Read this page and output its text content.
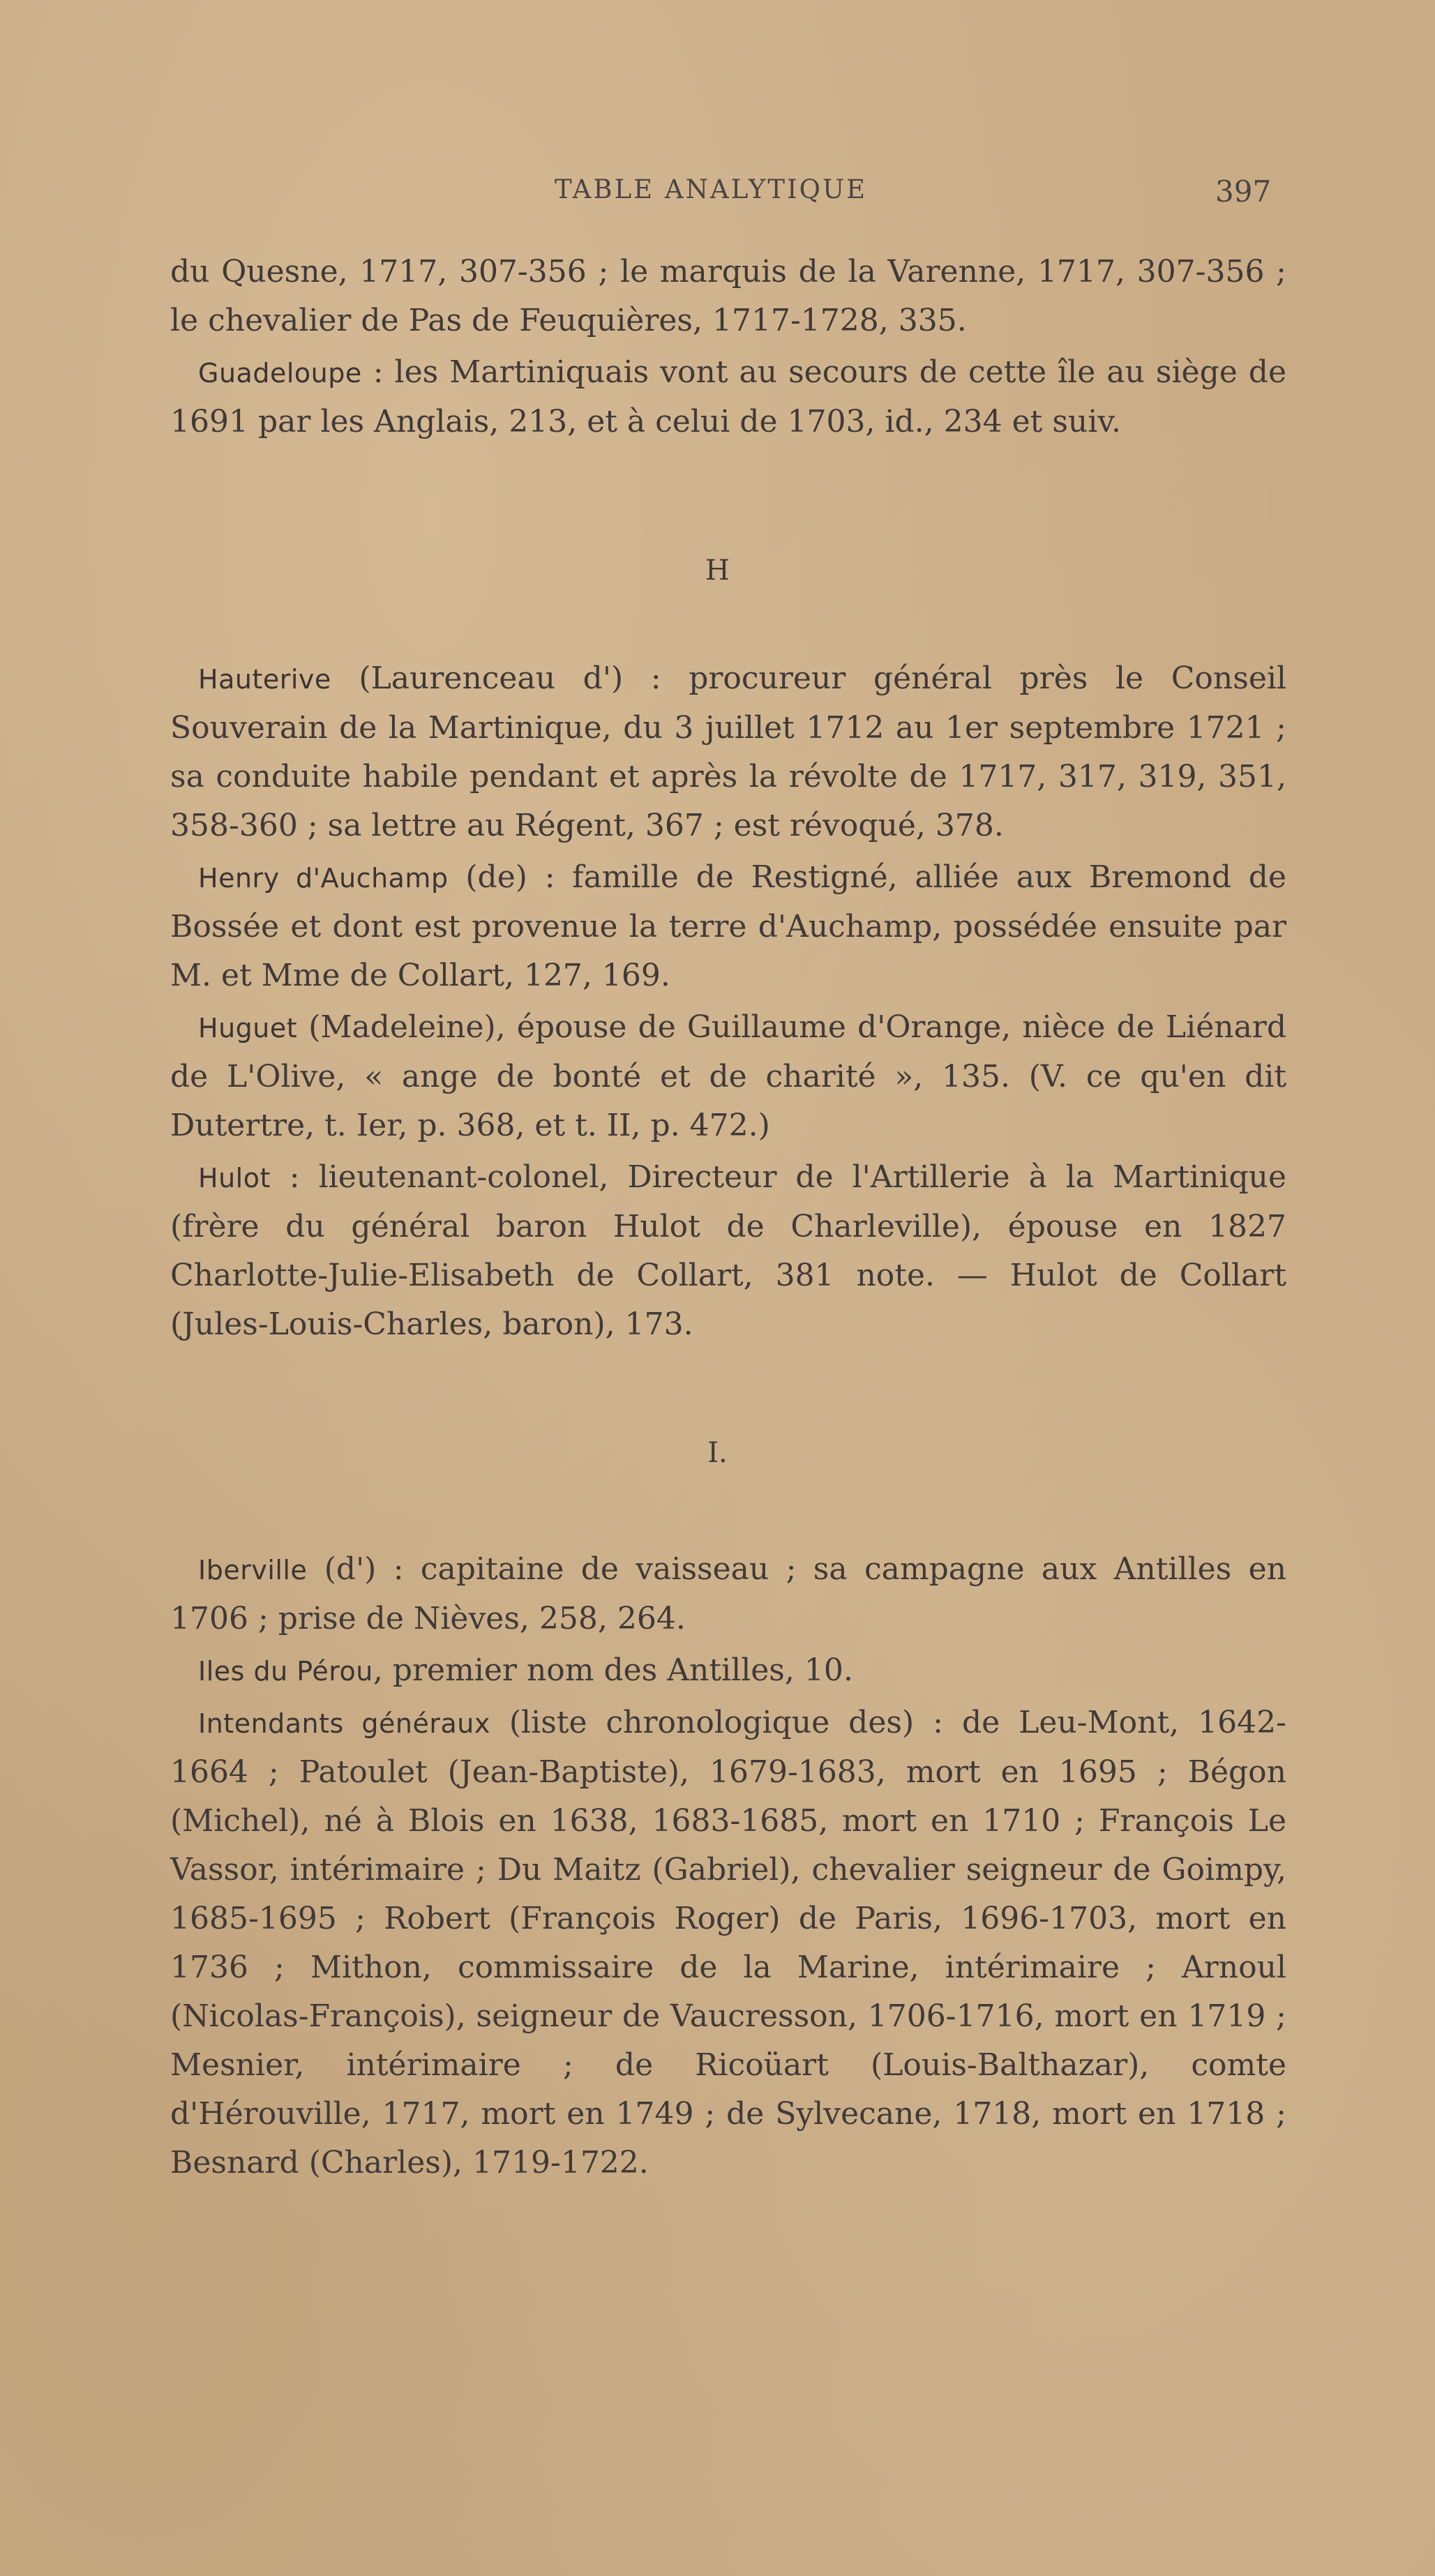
TABLE ANALYTIQUE	397

du Quesne, 1717, 307-356 ; le marquis de la Varenne, 1717, 307-356 ; le chevalier de Pas de Feuquières, 1717-1728, 335.

Guadeloupe : les Martiniquais vont au secours de cette île au siège de 1691 par les Anglais, 213, et à celui de 1703, id., 234 et suiv.

H

Hauterive (Laurenceau d') : procureur général près le Conseil Souverain de la Martinique, du 3 juillet 1712 au 1er septembre 1721 ; sa conduite habile pendant et après la révolte de 1717, 317, 319, 351, 358-360 ; sa lettre au Régent, 367 ; est révoqué, 378.

Henry d'Auchamp (de) : famille de Restigné, alliée aux Bremond de Bossée et dont est provenue la terre d'Auchamp, possédée ensuite par M. et Mme de Collart, 127, 169.

Huguet (Madeleine), épouse de Guillaume d'Orange, nièce de Liénard de L'Olive, « ange de bonté et de charité », 135. (V. ce qu'en dit Dutertre, t. Ier, p. 368, et t. II, p. 472.)

Hulot : lieutenant-colonel, Directeur de l'Artillerie à la Martinique (frère du général baron Hulot de Charleville), épouse en 1827 Charlotte-Julie-Elisabeth de Collart, 381 note. — Hulot de Collart (Jules-Louis-Charles, baron), 173.

I.

Iberville (d') : capitaine de vaisseau ; sa campagne aux Antilles en 1706 ; prise de Nièves, 258, 264.

Iles du Pérou, premier nom des Antilles, 10.

Intendants généraux (liste chronologique des) : de Leu-Mont, 1642-1664 ; Patoulet (Jean-Baptiste), 1679-1683, mort en 1695 ; Bégon (Michel), né à Blois en 1638, 1683-1685, mort en 1710 ; François Le Vassor, intérimaire ; Du Maitz (Gabriel), chevalier seigneur de Goimpy, 1685-1695 ; Robert (François Roger) de Paris, 1696-1703, mort en 1736 ; Mithon, commissaire de la Marine, intérimaire ; Arnoul (Nicolas-François), seigneur de Vaucresson, 1706-1716, mort en 1719 ; Mesnier, intérimaire ; de Ricoüart (Louis-Balthazar), comte d'Hérouville, 1717, mort en 1749 ; de Sylvecane, 1718, mort en 1718 ; Besnard (Charles), 1719-1722.
